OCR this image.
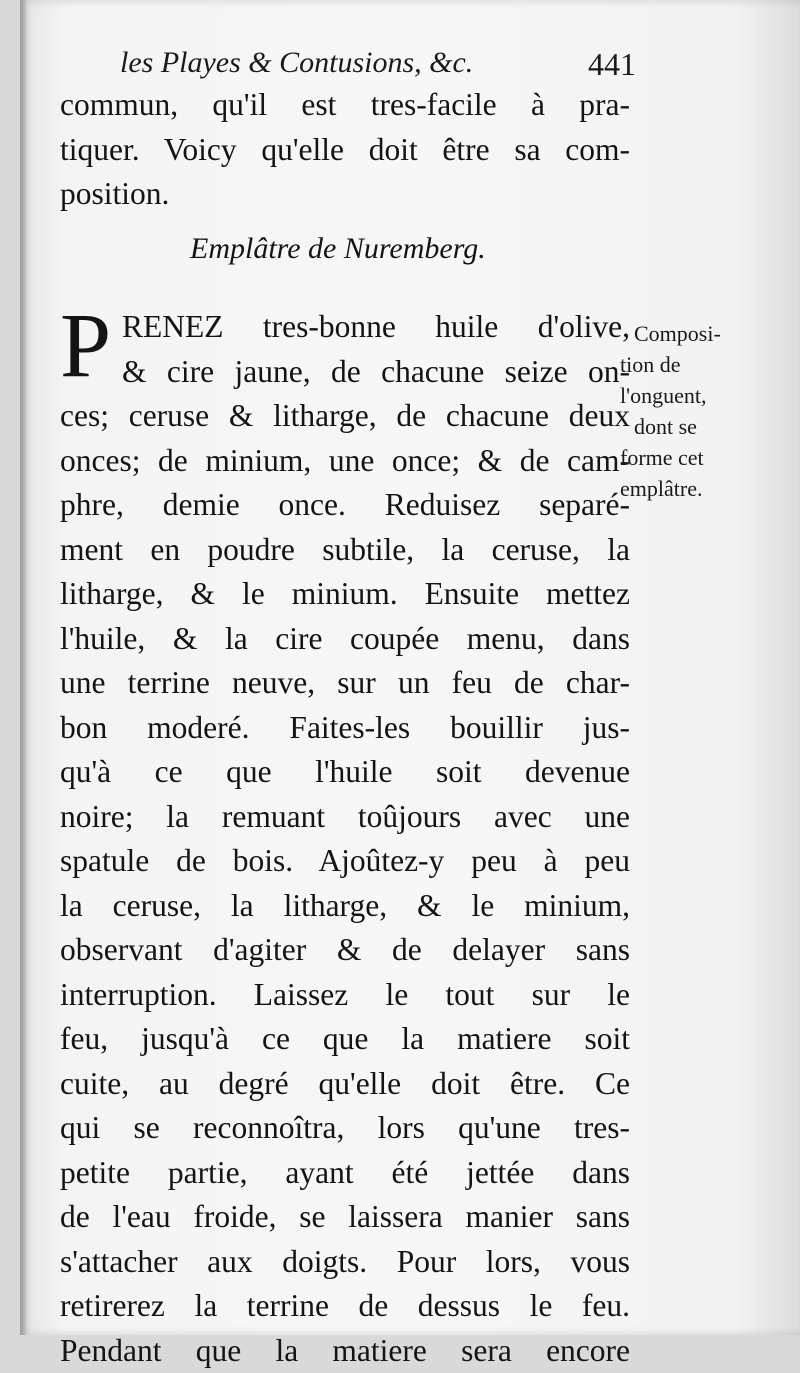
les Playes & Contusions, &c.	441
commun, qu'il est tres-facile à pra-
tiquer. Voicy qu'elle doit être sa com-
position.
Emplâtre de Nuremberg.
P RENEZ tres-bonne huile d'olive,
& cire jaune, de chacune seize on-
ces; ceruse & litharge, de chacune deux
onces; de minium, une once; & de cam-
phre, demie once. Reduisez separé-
ment en poudre subtile, la ceruse, la
litharge, & le minium. Ensuite mettez
l'huile, & la cire coupée menu, dans
une terrine neuve, sur un feu de char-
bon moderé. Faites-les bouillir jus-
qu'à ce que l'huile soit devenue
noire; la remuant toûjours avec une
spatule de bois. Ajoûtez-y peu à peu
la ceruse, la litharge, & le minium,
observant d'agiter & de delayer sans
interruption. Laissez le tout sur le
feu, jusqu'à ce que la matiere soit
cuite, au degré qu'elle doit être. Ce
qui se reconnoîtra, lors qu'une tres-
petite partie, ayant été jettée dans
de l'eau froide, se laissera manier sans
s'attacher aux doigts. Pour lors, vous
retirerez la terrine de dessus le feu.
Pendant que la matiere sera encore
Composi-
tion de
l'onguent,
dont se
forme cet
emplâtre.
